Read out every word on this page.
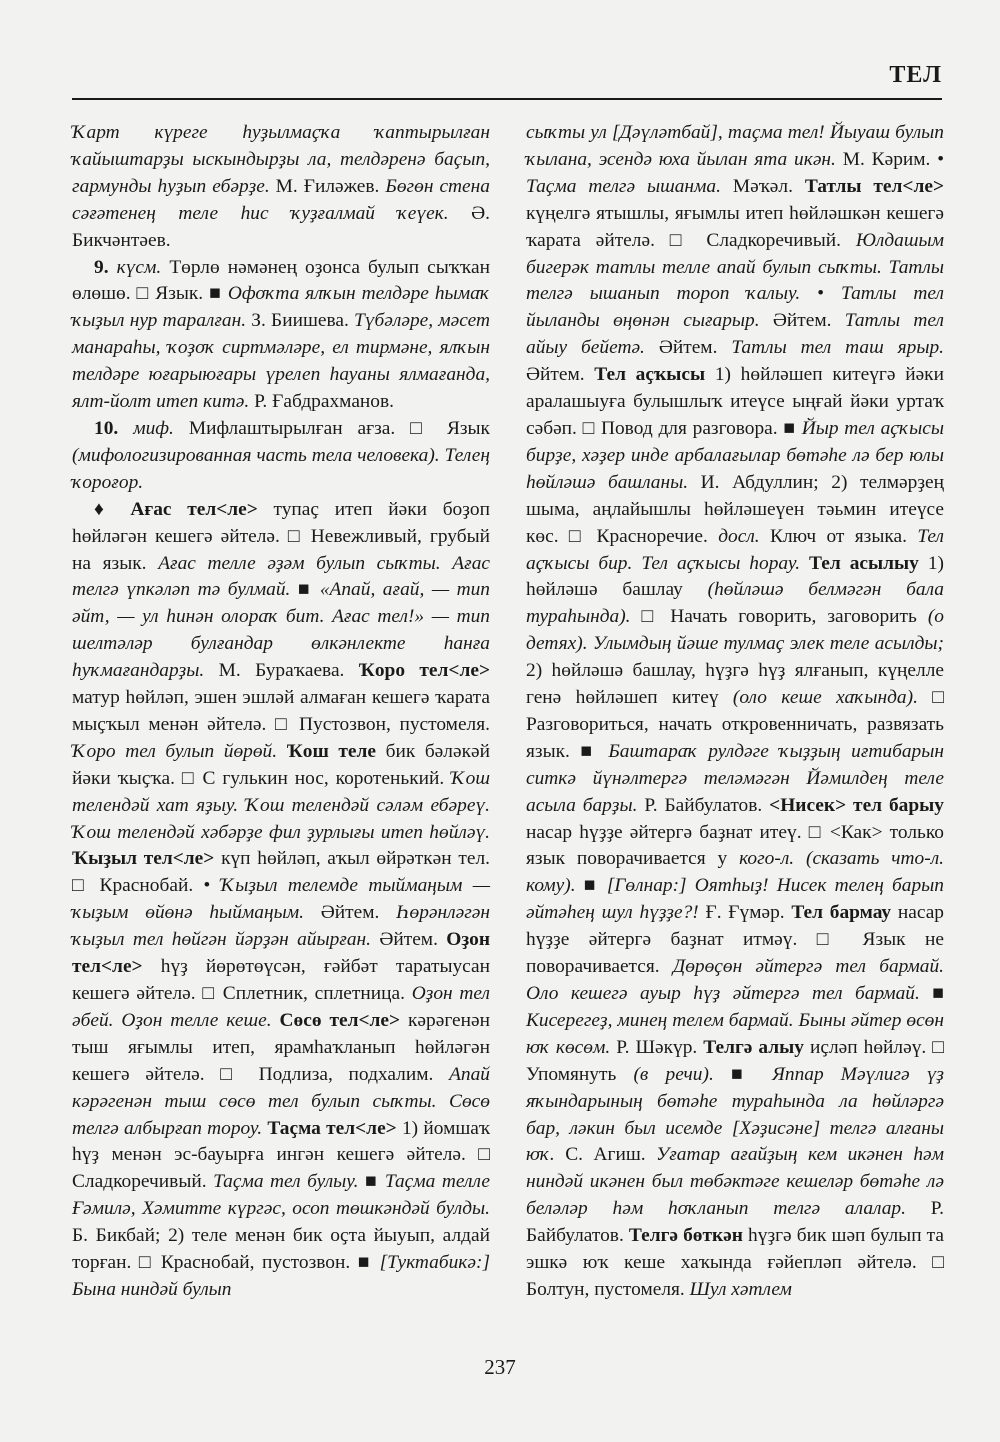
ТЕЛ

Ҡарт күреге һуҙылмаҫҡа ҡаптырылған ҡайыштарҙы ыскындырҙы ла, телдәренә баҫып, гармунды һуҙып ебәрҙе. М. Ғиләжев. Бөгөн стена сәғәтенең теле һис ҡуҙғалмай ҡеүек. Ә. Бикчәнтәев.

9. күсм. Төрлө нәмәнең оҙонса булып сыҡҡан өлөшө. □ Язык. ■ Офоҡта ялҡын телдәре һымаҡ ҡыҙыл нур таралған. З. Биишева. Түбәләре, мәсет манараһы, ҡоҙоҡ сиртмәләре, ел тирмәне, ялҡын телдәре юғарыюғары үрелеп һауаны ялмағанда, ялт-йолт итеп китә. Р. Ғабдрахманов.

10. миф. Мифлаштырылған ағза. □ Язык (мифологизированная часть тела человека). Телең ҡороғор.

♦ Ағас тел<ле> тупаҫ итеп йәки боҙоп һөйләгән кешегә әйтелә. □ Невежливый, грубый на язык. Ағас телле әҙәм булып сыҡты. Ағас телгә үпкәләп тә булмай. ■ «Апай, ағай, — тип әйт, — ул һинән олораҡ бит. Ағас тел!» — тип шелтәләр булғандар өлкәнлекте һанға һуҡмағандарҙы. М. Бураҡаева. Ҡоро тел<ле> матур һөйләп, эшен эшләй алмаған кешегә ҡарата мыҫҡыл менән әйтелә. □ Пустозвон, пустомеля. Ҡоро тел булып йөрөй. Ҡош теле бик бәләкәй йәки ҡыҫҡа. □ С гулькин нос, коротенький. Ҡош телендәй хат яҙыу. Ҡош телендәй сәләм ебәреү. Ҡош телендәй хәбәрҙе фил ҙурлығы итеп һөйләү. Ҡыҙыл тел<ле> күп һөйләп, аҡыл өйрәткән тел. □ Краснобай. • Ҡыҙыл телемде тыймаңым — ҡыҙым өйөнә һыймаңым. Әйтем. Һөрәнләгән ҡыҙыл тел һөйгән йәрҙән айырған. Әйтем. Оҙон тел<ле> һүҙ йөрөтөүсән, ғәйбәт таратыусан кешегә әйтелә. □ Сплетник, сплетница. Оҙон тел әбей. Оҙон телле кеше. Сөсө тел<ле> кәрәгенән тыш яғымлы итеп, ярамһаҡланып һөйләгән кешегә әйтелә. □ Подлиза, подхалим. Апай кәрәгенән тыш сөсө тел булып сыҡты. Сөсө телгә албырғап тороу. Таҫма тел<ле> 1) йомшаҡ һүҙ менән эс-бауырға ингән кешегә әйтелә. □ Сладкоречивый. Таҫма тел булыу. ■ Таҫма телле Ғәмилә, Хәмитте күргәс, осоп төшкәндәй булды. Б. Бикбай; 2) теле менән бик оҫта йыуып, алдай торған. □ Краснобай, пустозвон. ■ [Туктабикә:] Бына ниндәй булып

сыҡты ул [Дәүләтбай], таҫма тел! Йыуаш булып ҡылана, эсендә юха йылан ята икән. М. Кәрим. • Таҫма телгә ышанма. Мәҡәл. Татлы тел<ле> күңелгә ятышлы, яғымлы итеп һөйләшкән кешегә ҡарата әйтелә. □ Сладкоречивый. Юлдашым бигерәк татлы телле апай булып сыҡты. Татлы телгә ышанып тороп ҡалыу. • Татлы тел йыланды өңөнән сығарыр. Әйтем. Татлы тел айыу бейетә. Әйтем. Татлы тел таш ярыр. Әйтем. Тел аҫҡысы 1) һөйләшеп китеүгә йәки аралашыуға булышлыҡ итеүсе ыңғай йәки уртаҡ сәбәп. □ Повод для разговора. ■ Йыр тел аҫҡысы бирҙе, хәҙер инде арбалағылар бөтәһе лә бер юлы һөйләшә башланы. И. Абдуллин; 2) телмәрҙең шыма, аңлайышлы һөйләшеүен тәьмин итеүсе көс. □ Красноречие. досл. Ключ от языка. Тел аҫҡысы бир. Тел аҫҡысы һорау. Тел асылыу 1) һөйләшә башлау (һөйләшә белмәгән бала тураһында). □ Начать говорить, заговорить (о детях). Улымдың йәше тулмаҫ элек теле асылды; 2) һөйләшә башлау, һүҙгә һүҙ ялғанып, күңелле генә һөйләшеп китеү (оло кеше хаҡында). □ Разговориться, начать откровенничать, развязать язык. ■ Баштараҡ рулдәге ҡыҙҙың иғтибарын ситкә йүнәлтергә теләмәгән Йәмилдең теле асыла барҙы. Р. Байбулатов. <Нисек> тел барыу насар һүҙҙе әйтергә баҙнат итеү. □ <Как> только язык поворачивается у кого-л. (сказать что-л. кому). ■ [Гөлнар:] Оятһыҙ! Нисек телең барып әйтәһең шул һүҙҙе?! Ғ. Ғүмәр. Тел бармау насар һүҙҙе әйтергә баҙнат итмәү. □ Язык не поворачивается. Дөрөҫөн әйтергә тел бармай. Оло кешегә ауыр һүҙ әйтергә тел бармай. ■ Кисерегеҙ, минең телем бармай. Быны әйтер өсөн юҡ көсөм. Р. Шәкүр. Телгә алыу иҫләп һөйләү. □ Упомянуть (в речи). ■ Яппар Мәүлигә үҙ яҡындарының бөтәһе тураһында ла һөйләргә бар, ләкин был исемде [Хәҙисәне] телгә алғаны юҡ. С. Агиш. Уғатар ағайҙың кем икәнен һәм ниндәй икәнен был төбәктәге кешеләр бөтәһе лә беләләр һәм һоҡланып телгә алалар. Р. Байбулатов. Телгә бөткән һүҙгә бик шәп булып та эшкә юҡ кеше хаҡында ғәйепләп әйтелә. □ Болтун, пустомеля. Шул хәтлем

237
